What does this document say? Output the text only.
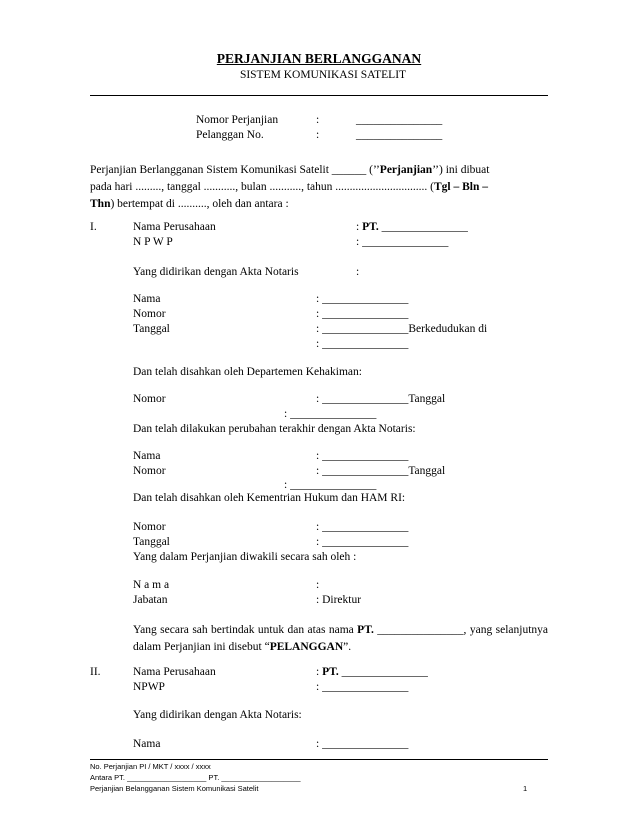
PERJANJIAN BERLANGGANAN
SISTEM KOMUNIKASI SATELIT
Nomor Perjanjian	:	_______________
Pelanggan No.	:	_______________
Perjanjian Berlangganan Sistem Komunikasi Satelit ______ (’’Perjanjian’’) ini dibuat
pada hari ........., tanggal ..........., bulan ..........., tahun ................................ (Tgl – Bln –
Thn) bertempat di .........., oleh dan antara :
I.	Nama Perusahaan	: PT. _______________
N P W P	: _______________
Yang didirikan dengan Akta Notaris	:
Nama	: _______________
Nomor	: _______________
Tanggal	: _______________Berkedudukan di
: _______________
Dan telah disahkan oleh Departemen Kehakiman:
Nomor	: _______________Tanggal
: _______________
Dan telah dilakukan perubahan terakhir dengan Akta Notaris:
Nama	: _______________
Nomor	: _______________Tanggal
: _______________
Dan telah disahkan oleh Kementrian Hukum dan HAM RI:
Nomor	: _______________
Tanggal	: _______________
Yang dalam Perjanjian diwakili secara sah oleh :
N a m a	:
Jabatan	: Direktur
Yang secara sah bertindak untuk dan atas nama PT. _______________, yang selanjutnya dalam Perjanjian ini disebut “PELANGGAN”.
II.	Nama Perusahaan	: PT. _______________
NPWP	: _______________
Yang didirikan dengan Akta Notaris:
Nama	: _______________
No. Perjanjian PI / MKT / xxxx / xxxx
Antara PT. ___________________ PT. ___________________
Perjanjian Belangganan Sistem Komunikasi Satelit	1
